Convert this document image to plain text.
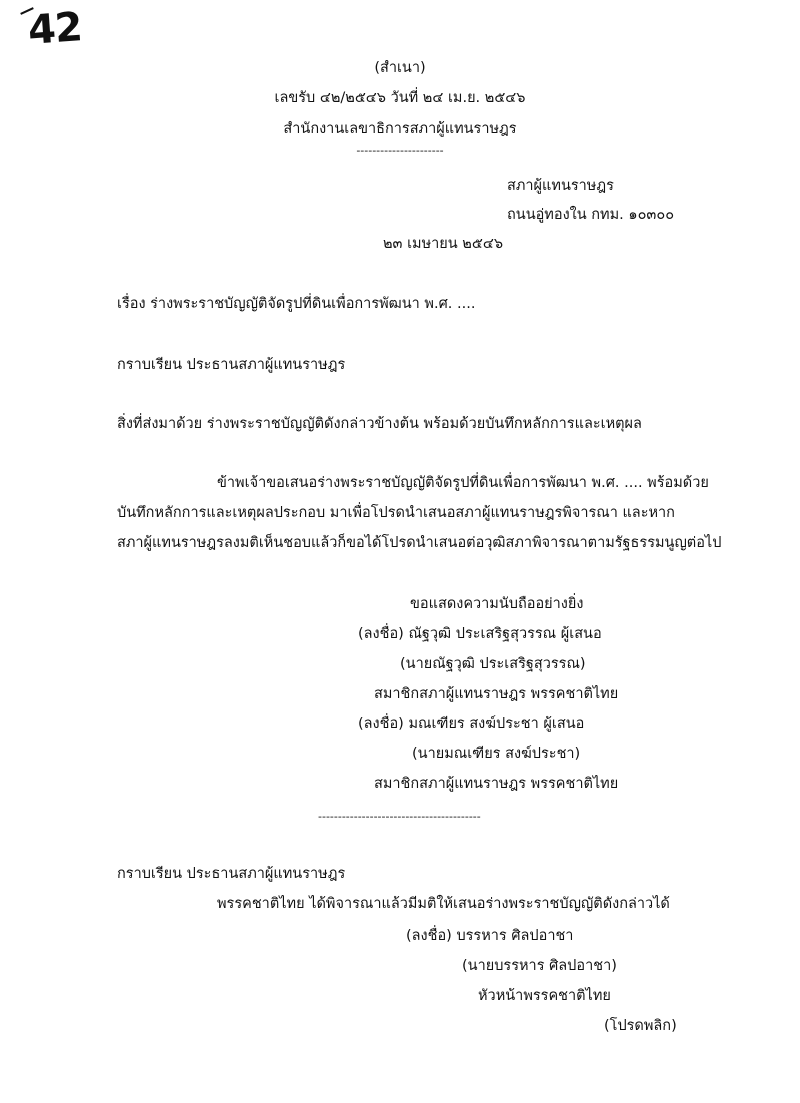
42
(สำเนา)
เลขรับ ๔๒/๒๕๔๖ วันที่ ๒๔ เม.ย. ๒๕๔๖
สำนักงานเลขาธิการสภาผู้แทนราษฎร
----------------------
สภาผู้แทนราษฎร
ถนนอู่ทองใน กทม. ๑๐๓๐๐
๒๓ เมษายน ๒๕๔๖
เรื่อง ร่างพระราชบัญญัติจัดรูปที่ดินเพื่อการพัฒนา พ.ศ. ....
กราบเรียน ประธานสภาผู้แทนราษฎร
สิ่งที่ส่งมาด้วย ร่างพระราชบัญญัติดังกล่าวข้างต้น พร้อมด้วยบันทึกหลักการและเหตุผล
ข้าพเจ้าขอเสนอร่างพระราชบัญญัติจัดรูปที่ดินเพื่อการพัฒนา พ.ศ. .... พร้อมด้วย
บันทึกหลักการและเหตุผลประกอบ มาเพื่อโปรดนำเสนอสภาผู้แทนราษฎรพิจารณา และหาก
สภาผู้แทนราษฎรลงมติเห็นชอบแล้วก็ขอได้โปรดนำเสนอต่อวุฒิสภาพิจารณาตามรัฐธรรมนูญต่อไป
ขอแสดงความนับถืออย่างยิ่ง
(ลงชื่อ) ณัฐวุฒิ ประเสริฐสุวรรณ ผู้เสนอ
(นายณัฐวุฒิ ประเสริฐสุวรรณ)
สมาชิกสภาผู้แทนราษฎร พรรคชาติไทย
(ลงชื่อ) มณเฑียร สงฆ์ประชา ผู้เสนอ
(นายมณเฑียร สงฆ์ประชา)
สมาชิกสภาผู้แทนราษฎร พรรคชาติไทย
-----------------------------------------
กราบเรียน ประธานสภาผู้แทนราษฎร
พรรคชาติไทย ได้พิจารณาแล้วมีมติให้เสนอร่างพระราชบัญญัติดังกล่าวได้
(ลงชื่อ) บรรหาร ศิลปอาชา
(นายบรรหาร ศิลปอาชา)
หัวหน้าพรรคชาติไทย
(โปรดพลิก)
